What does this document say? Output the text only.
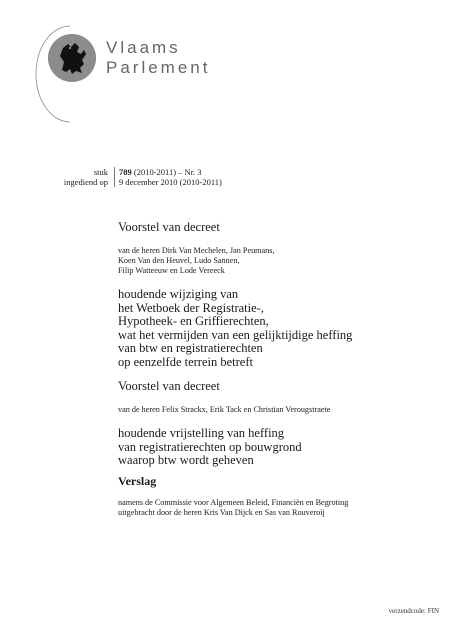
Vlaams
Parlement
stuk
ingediend op
789 (2010-2011) – Nr. 3
9 december 2010 (2010-2011)
Voorstel van decreet
van de heren Dirk Van Mechelen, Jan Peumans,
Koen Van den Heuvel, Ludo Sannen,
Filip Watteeuw en Lode Vereeck
houdende wijziging van
het Wetboek der Registratie-,
Hypotheek- en Griffierechten,
wat het vermijden van een gelijktijdige heffing
van btw en registratierechten
op eenzelfde terrein betreft
Voorstel van decreet
van de heren Felix Strackx, Erik Tack en Christian Verougstraete
houdende vrijstelling van heffing
van registratierechten op bouwgrond
waarop btw wordt geheven
Verslag
namens de Commissie voor Algemeen Beleid, Financiën en Begroting
uitgebracht door de heren Kris Van Dijck en Sas van Rouveroij
verzendcode: FIN
